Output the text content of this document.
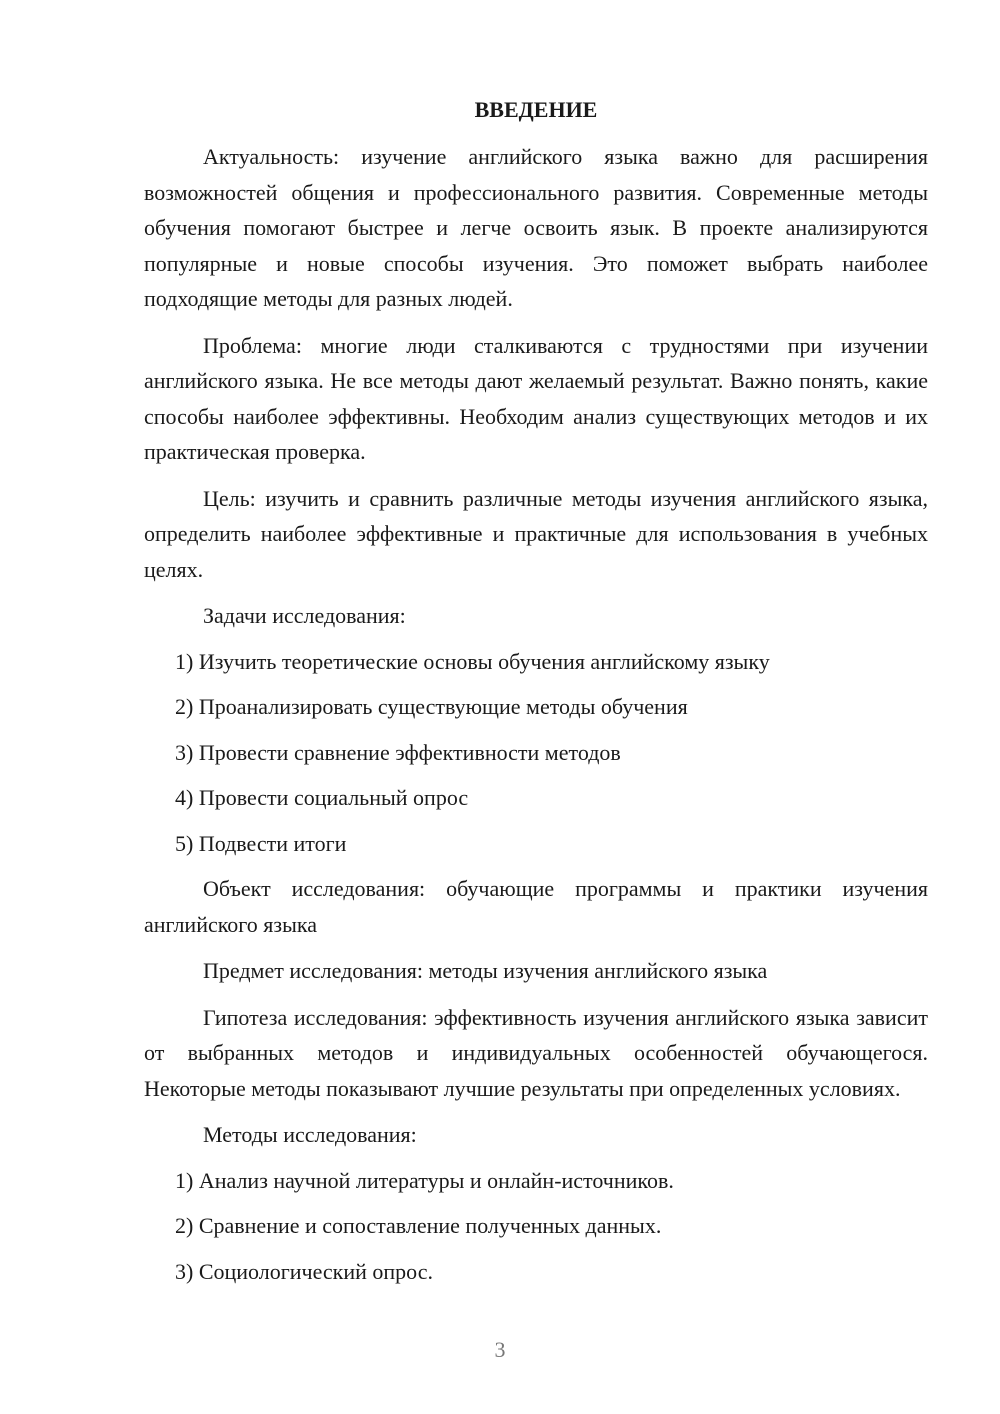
ВВЕДЕНИЕ
Актуальность: изучение английского языка важно для расширения возможностей общения и профессионального развития. Современные методы обучения помогают быстрее и легче освоить язык. В проекте анализируются популярные и новые способы изучения. Это поможет выбрать наиболее подходящие методы для разных людей.
Проблема: многие люди сталкиваются с трудностями при изучении английского языка. Не все методы дают желаемый результат. Важно понять, какие способы наиболее эффективны. Необходим анализ существующих методов и их практическая проверка.
Цель: изучить и сравнить различные методы изучения английского языка, определить наиболее эффективные и практичные для использования в учебных целях.
Задачи исследования:
1) Изучить теоретические основы обучения английскому языку
2) Проанализировать существующие методы обучения
3) Провести сравнение эффективности методов
4) Провести социальный опрос
5) Подвести итоги
Объект исследования: обучающие программы и практики изучения английского языка
Предмет исследования: методы изучения английского языка
Гипотеза исследования: эффективность изучения английского языка зависит от выбранных методов и индивидуальных особенностей обучающегося. Некоторые методы показывают лучшие результаты при определенных условиях.
Методы исследования:
1) Анализ научной литературы и онлайн-источников.
2) Сравнение и сопоставление полученных данных.
3) Социологический опрос.
3
